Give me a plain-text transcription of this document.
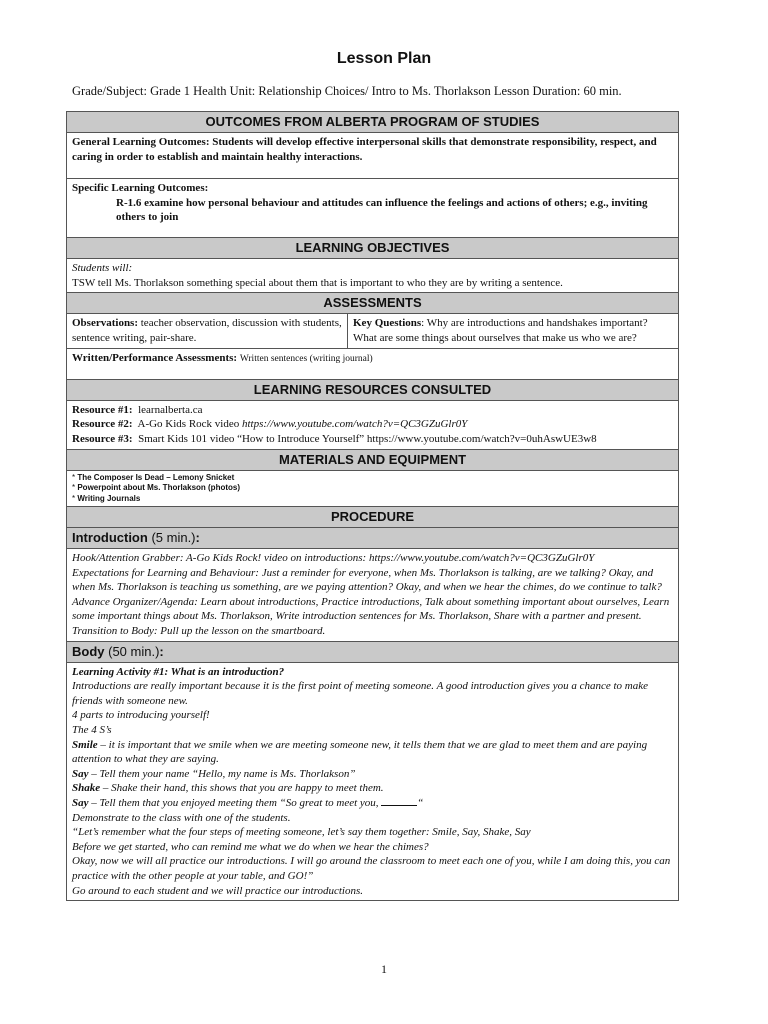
Lesson Plan
Grade/Subject: Grade 1 Health Unit: Relationship Choices/ Intro to Ms. Thorlakson Lesson Duration: 60 min.
OUTCOMES FROM ALBERTA PROGRAM OF STUDIES
General Learning Outcomes: Students will develop effective interpersonal skills that demonstrate responsibility, respect, and caring in order to establish and maintain healthy interactions.
Specific Learning Outcomes:
R-1.6 examine how personal behaviour and attitudes can influence the feelings and actions of others; e.g., inviting others to join
LEARNING OBJECTIVES
Students will:
TSW tell Ms. Thorlakson something special about them that is important to who they are by writing a sentence.
ASSESSMENTS
Observations: teacher observation, discussion with students, sentence writing, pair-share.
Key Questions: Why are introductions and handshakes important?
What are some things about ourselves that make us who we are?
Written/Performance Assessments: Written sentences (writing journal)
LEARNING RESOURCES CONSULTED
Resource #1: learnalberta.ca
Resource #2: A-Go Kids Rock video https://www.youtube.com/watch?v=QC3GZuGlr0Y
Resource #3: Smart Kids 101 video “How to Introduce Yourself” https://www.youtube.com/watch?v=0uhAswUE3w8
MATERIALS AND EQUIPMENT
* The Composer Is Dead – Lemony Snicket
* Powerpoint about Ms. Thorlakson (photos)
* Writing Journals
PROCEDURE
Introduction (5 min.):
Hook/Attention Grabber: A-Go Kids Rock! video on introductions: https://www.youtube.com/watch?v=QC3GZuGlr0Y
Expectations for Learning and Behaviour: Just a reminder for everyone, when Ms. Thorlakson is talking, are we talking? Okay, and when Ms. Thorlakson is teaching us something, are we paying attention? Okay, and when we hear the chimes, do we continue to talk?
Advance Organizer/Agenda: Learn about introductions, Practice introductions, Talk about something important about ourselves, Learn some important things about Ms. Thorlakson, Write introduction sentences for Ms. Thorlakson, Share with a partner and present.
Transition to Body: Pull up the lesson on the smartboard.
Body (50 min.):
Learning Activity #1: What is an introduction?
Introductions are really important because it is the first point of meeting someone. A good introduction gives you a chance to make friends with someone new.
4 parts to introducing yourself!
The 4 S’s
Smile – it is important that we smile when we are meeting someone new, it tells them that we are glad to meet them and are paying attention to what they are saying.
Say – Tell them your name “Hello, my name is Ms. Thorlakson”
Shake – Shake their hand, this shows that you are happy to meet them.
Say – Tell them that you enjoyed meeting them “So great to meet you,	“
Demonstrate to the class with one of the students.
“Let’s remember what the four steps of meeting someone, let’s say them together: Smile, Say, Shake, Say
Before we get started, who can remind me what we do when we hear the chimes?
Okay, now we will all practice our introductions. I will go around the classroom to meet each one of you, while I am doing this, you can practice with the other people at your table, and GO!”
Go around to each student and we will practice our introductions.
1
